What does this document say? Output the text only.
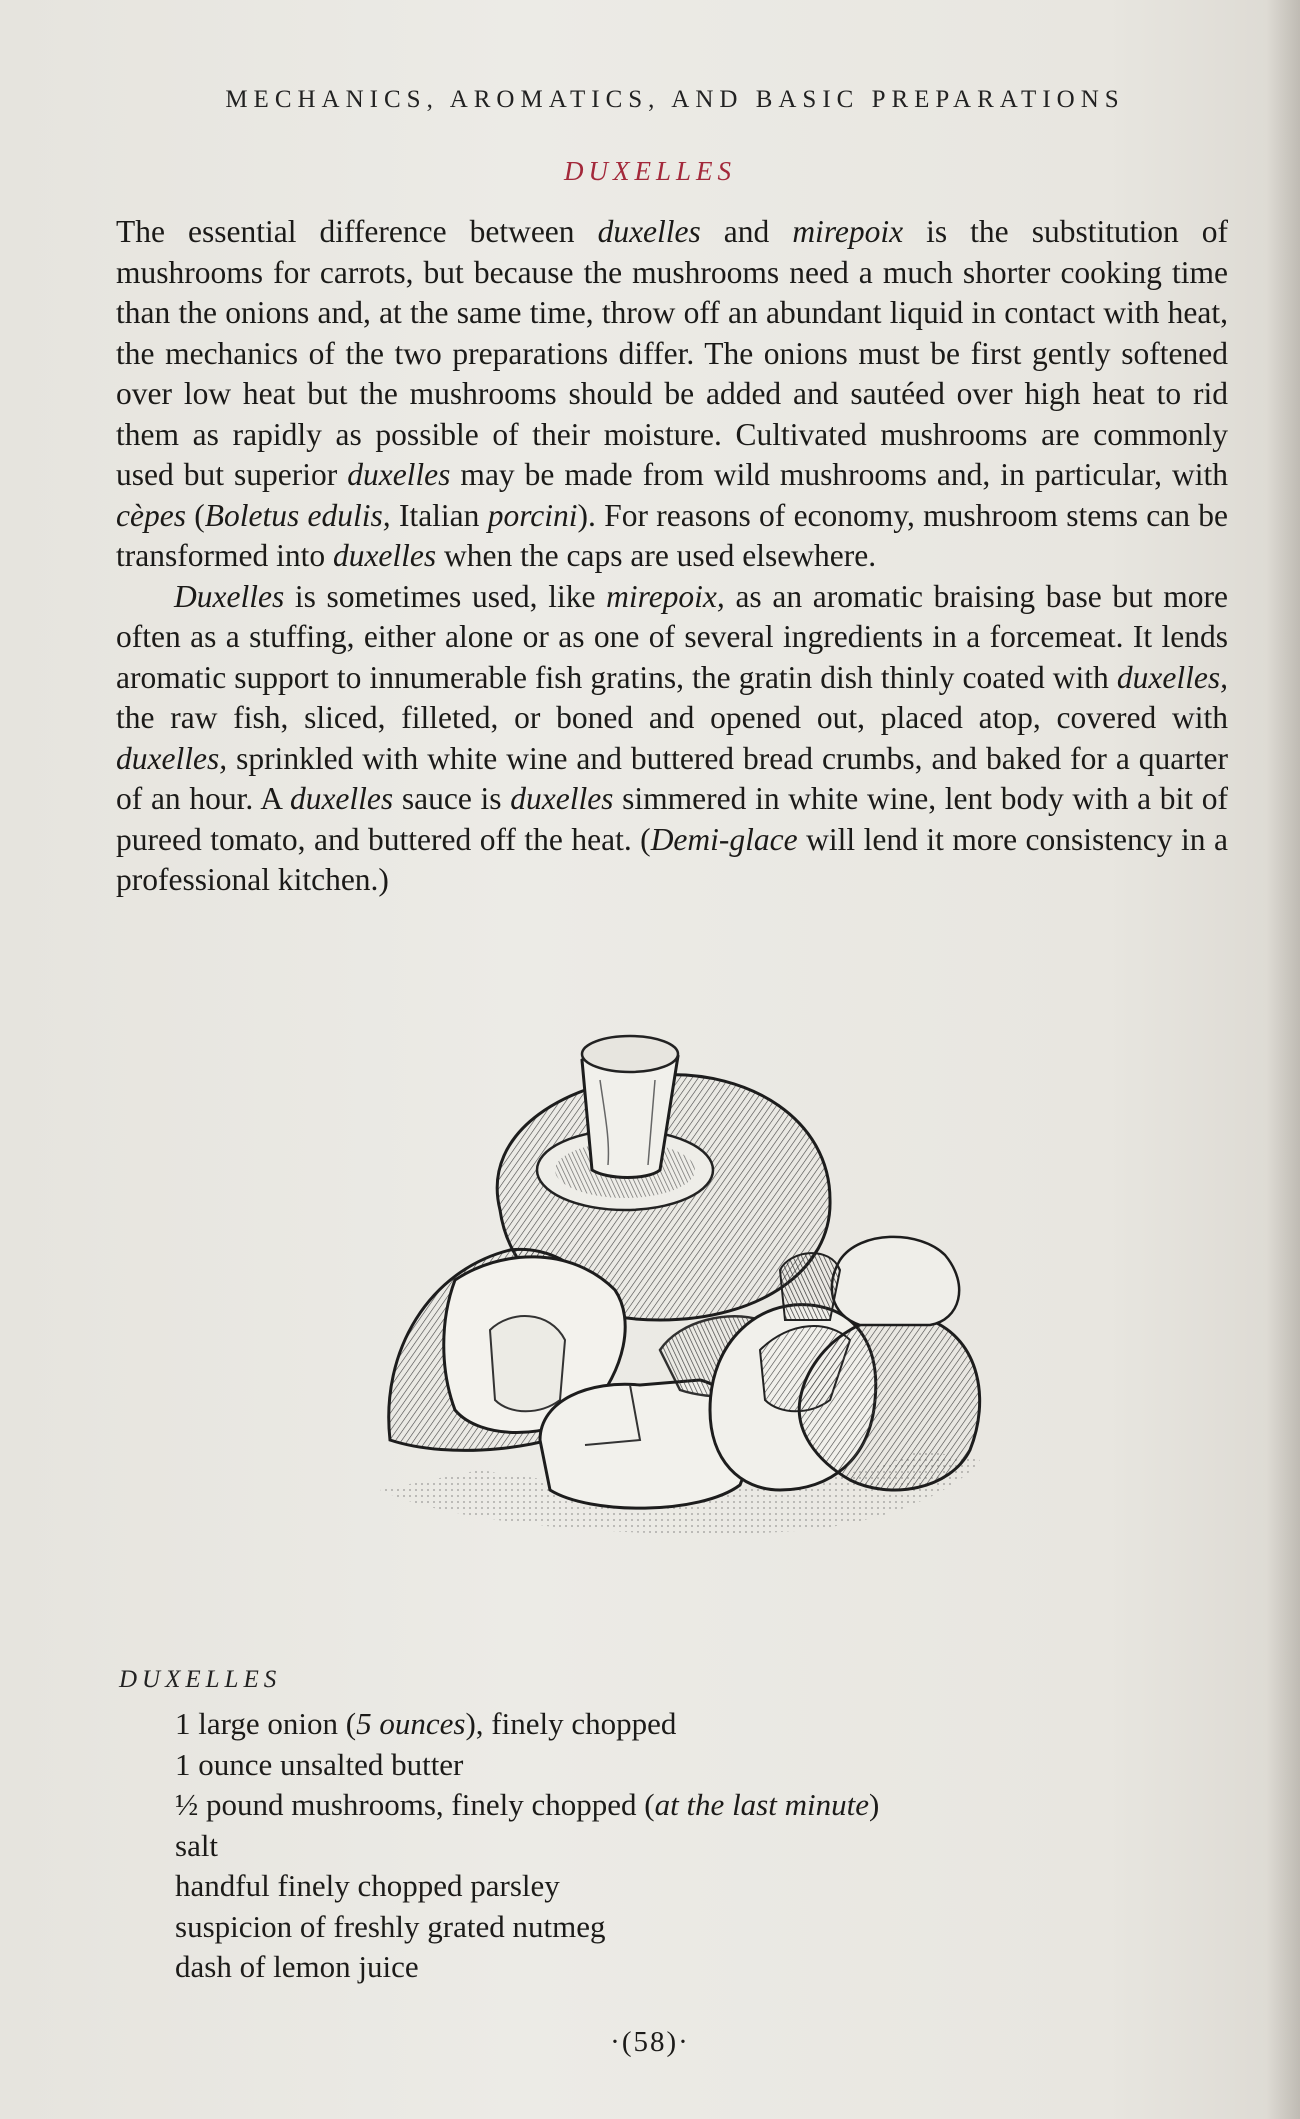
MECHANICS, AROMATICS, AND BASIC PREPARATIONS
DUXELLES

The essential difference between duxelles and mirepoix is the substitution of mushrooms for carrots, but because the mushrooms need a much shorter cooking time than the onions and, at the same time, throw off an abundant liquid in contact with heat, the mechanics of the two preparations differ. The onions must be first gently softened over low heat but the mushrooms should be added and sautéed over high heat to rid them as rapidly as possible of their moisture. Cultivated mushrooms are commonly used but superior duxelles may be made from wild mushrooms and, in particular, with cèpes (Boletus edulis, Italian porcini). For reasons of economy, mushroom stems can be transformed into duxelles when the caps are used elsewhere.

Duxelles is sometimes used, like mirepoix, as an aromatic braising base but more often as a stuffing, either alone or as one of several ingredients in a forcemeat. It lends aromatic support to innumerable fish gratins, the gratin dish thinly coated with duxelles, the raw fish, sliced, filleted, or boned and opened out, placed atop, covered with duxelles, sprinkled with white wine and buttered bread crumbs, and baked for a quarter of an hour. A duxelles sauce is duxelles simmered in white wine, lent body with a bit of pureed tomato, and buttered off the heat. (Demi-glace will lend it more consistency in a professional kitchen.)

DUXELLES
1 large onion (5 ounces), finely chopped
1 ounce unsalted butter
½ pound mushrooms, finely chopped (at the last minute)
salt
handful finely chopped parsley
suspicion of freshly grated nutmeg
dash of lemon juice
·(58)·
